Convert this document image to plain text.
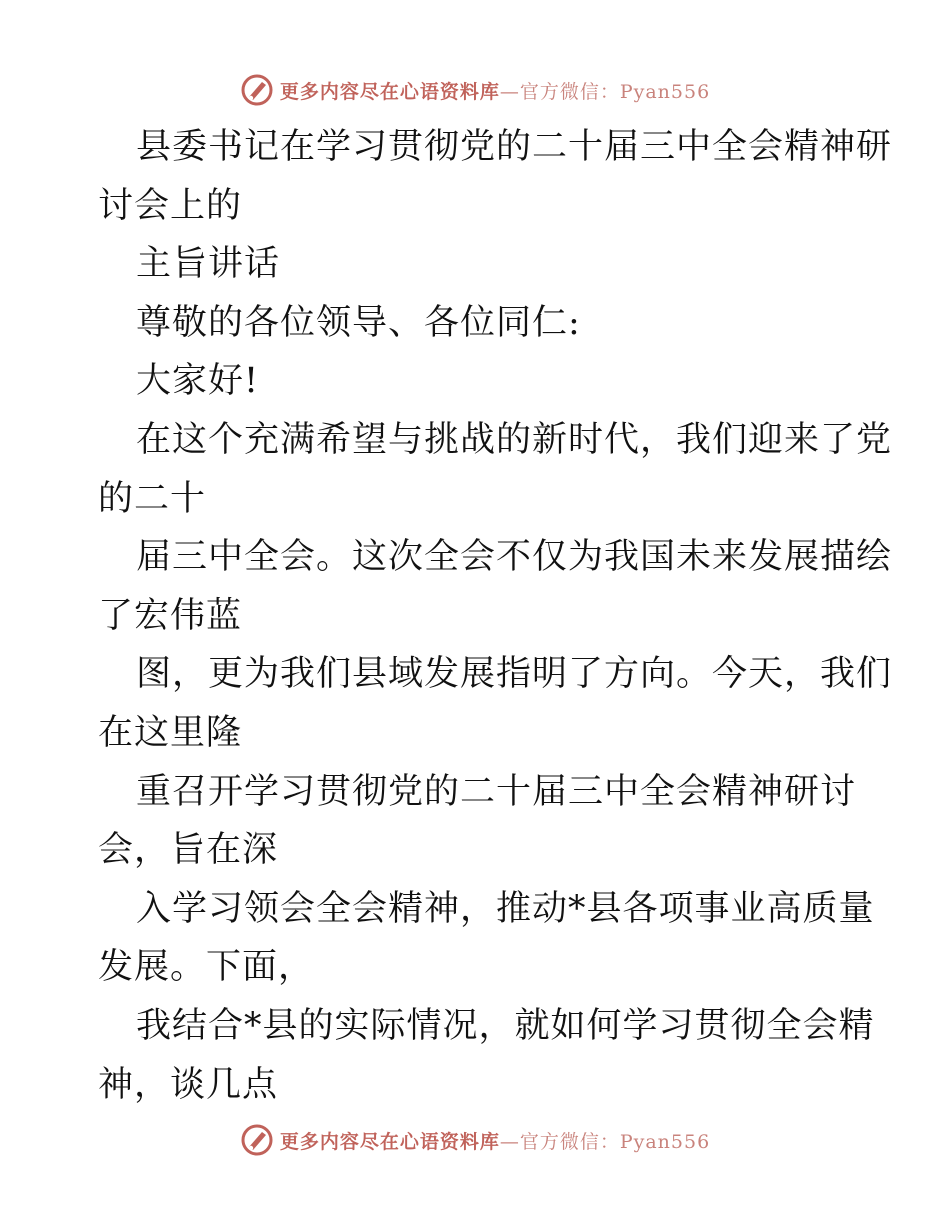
更多内容尽在心语资料库—官方微信：Pyan556
县委书记在学习贯彻党的二十届三中全会精神研
讨会上的
主旨讲话
尊敬的各位领导、各位同仁:
大家好!
在这个充满希望与挑战的新时代，我们迎来了党
的二十
届三中全会。这次全会不仅为我国未来发展描绘
了宏伟蓝
图，更为我们县域发展指明了方向。今天，我们
在这里隆
重召开学习贯彻党的二十届三中全会精神研讨
会，旨在深
入学习领会全会精神，推动*县各项事业高质量
发展。下面，
我结合*县的实际情况，就如何学习贯彻全会精
神，谈几点
更多内容尽在心语资料库—官方微信：Pyan556
